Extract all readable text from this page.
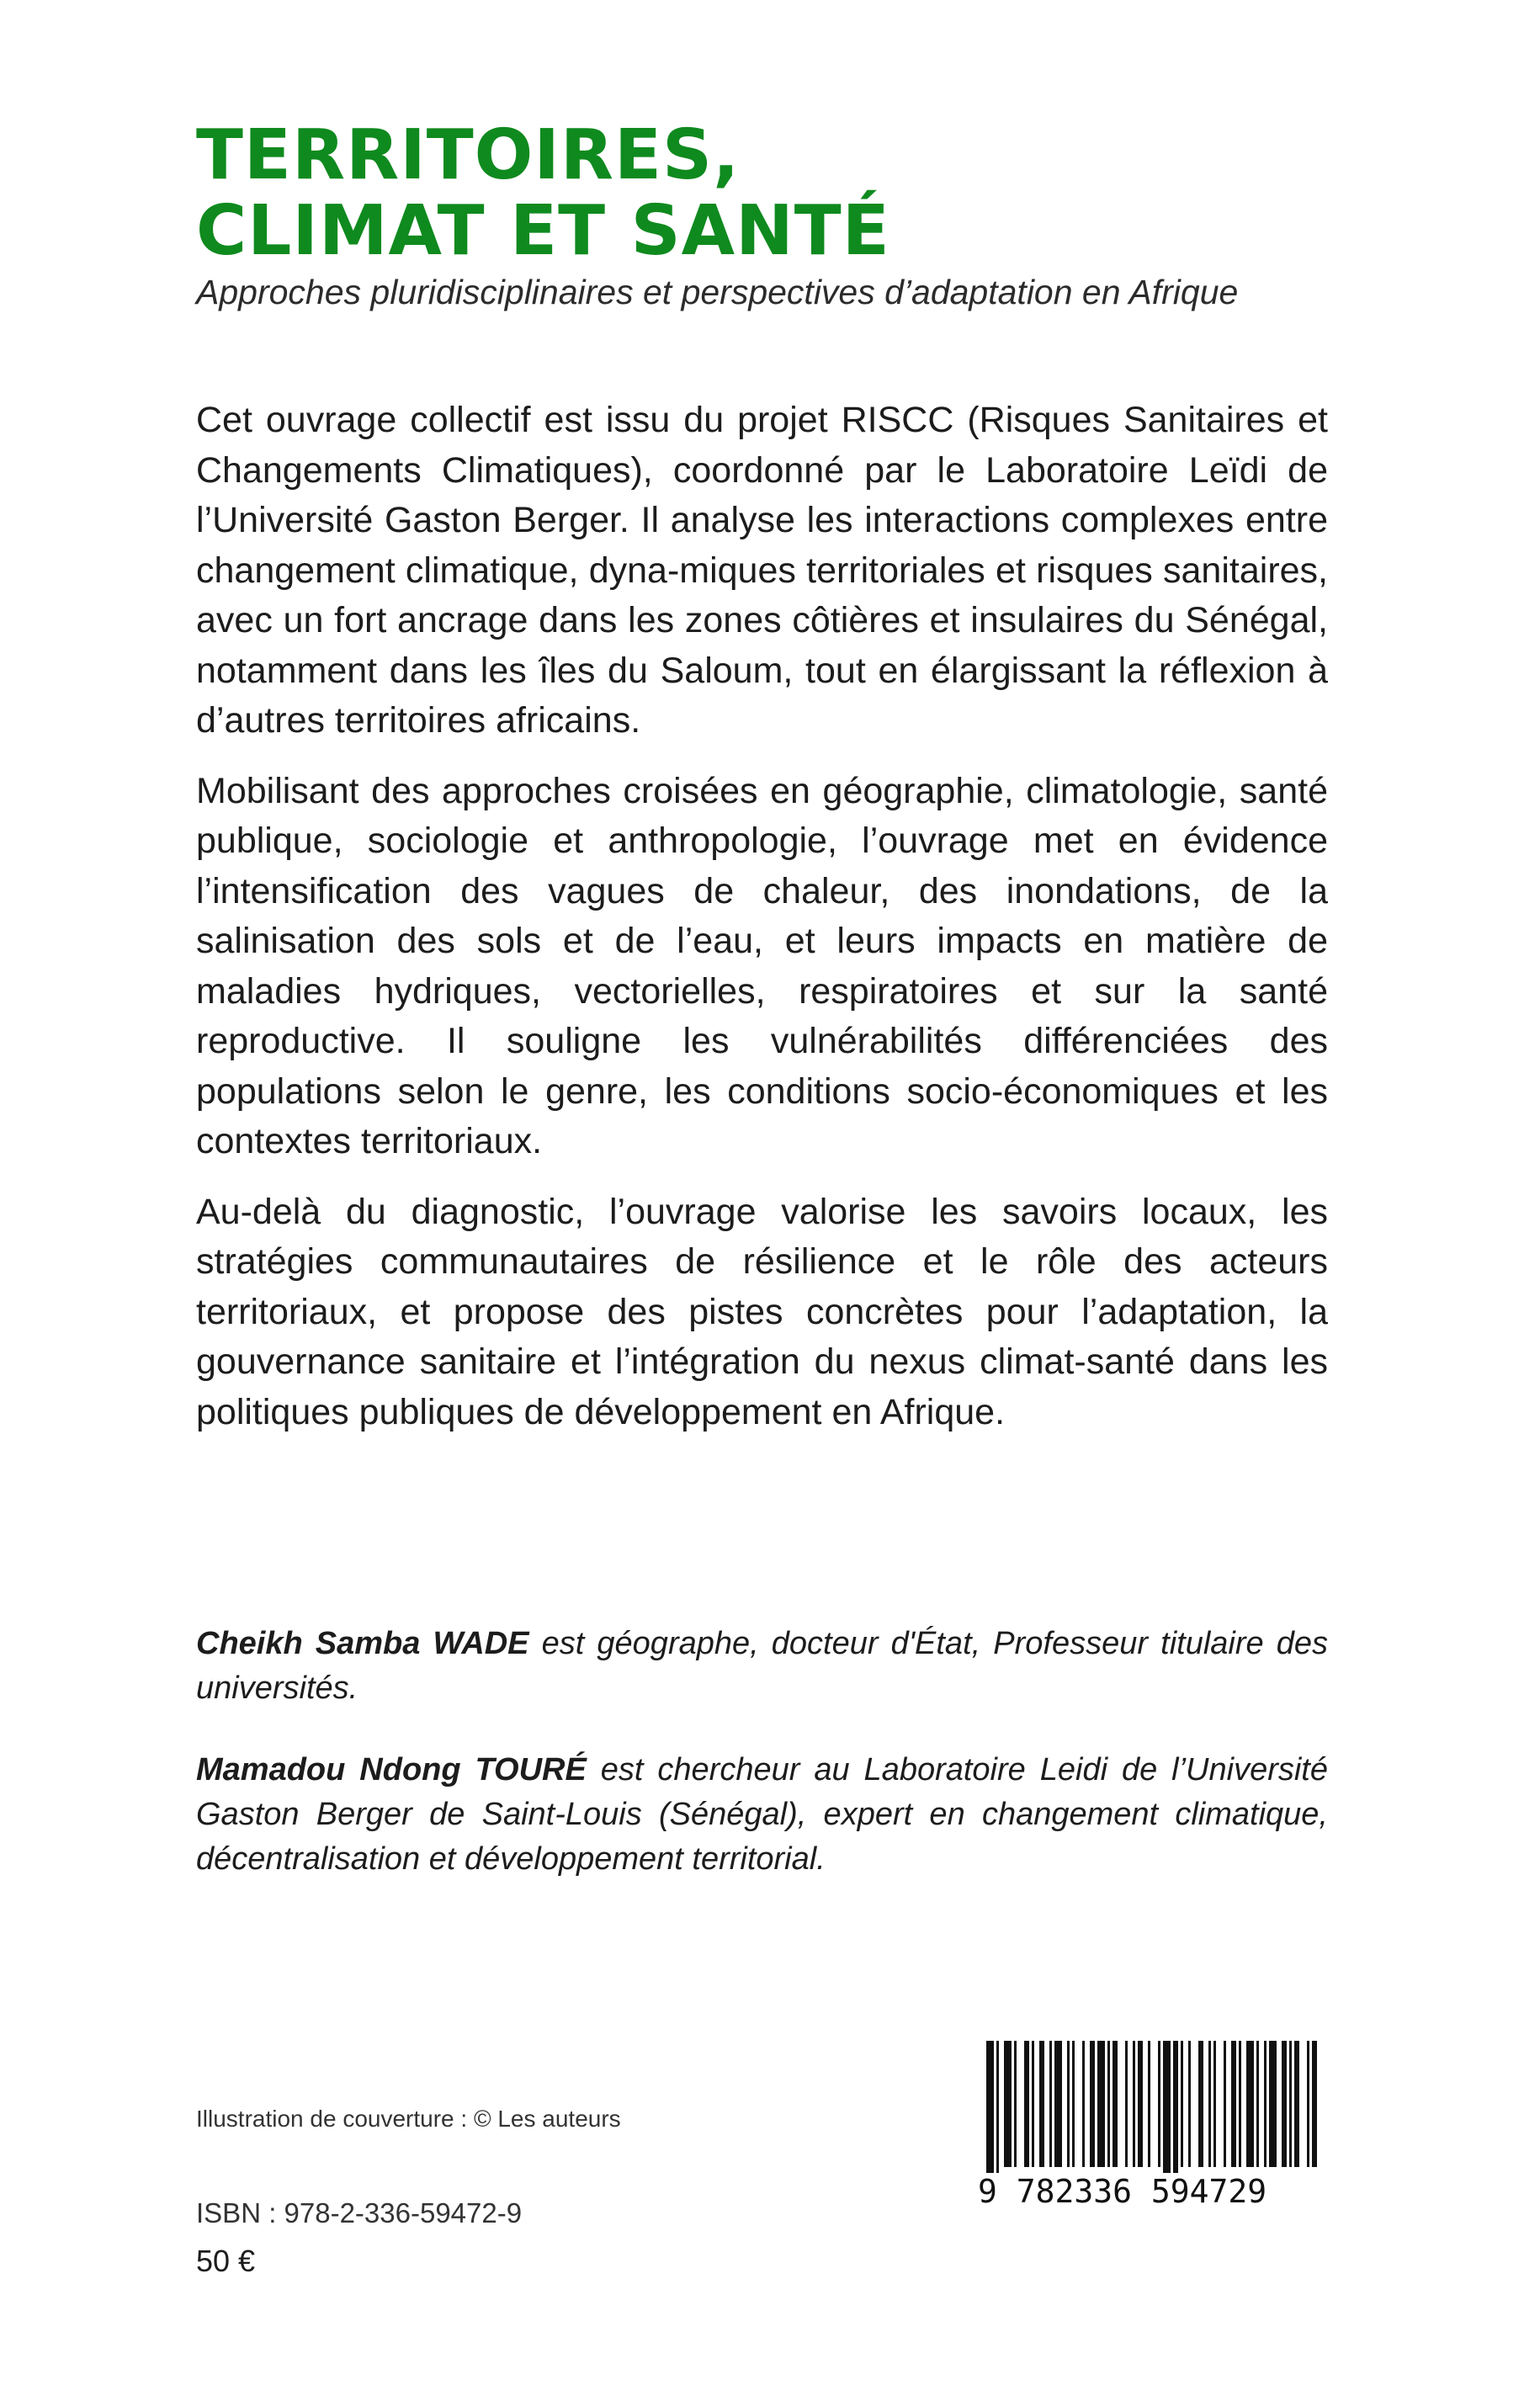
TERRITOIRES,
CLIMAT ET SANTÉ

Approches pluridisciplinaires et perspectives d’adaptation en Afrique

Cet ouvrage collectif est issu du projet RISCC (Risques Sanitaires et Changements Climatiques), coordonné par le Laboratoire Leïdi de l’Université Gaston Berger. Il analyse les interactions complexes entre changement climatique, dyna-miques territoriales et risques sanitaires, avec un fort ancrage dans les zones côtières et insulaires du Sénégal, notamment dans les îles du Saloum, tout en élargissant la réflexion à d’autres territoires africains.

Mobilisant des approches croisées en géographie, climatologie, santé publique, sociologie et anthropologie, l’ouvrage met en évidence l’intensification des vagues de chaleur, des inondations, de la salinisation des sols et de l’eau, et leurs impacts en matière de maladies hydriques, vectorielles, respiratoires et sur la santé reproductive. Il souligne les vulnérabilités différenciées des populations selon le genre, les conditions socio-économiques et les contextes territoriaux.

Au-delà du diagnostic, l’ouvrage valorise les savoirs locaux, les stratégies communautaires de résilience et le rôle des acteurs territoriaux, et propose des pistes concrètes pour l’adaptation, la gouvernance sanitaire et l’intégration du nexus climat-santé dans les politiques publiques de développement en Afrique.

Cheikh Samba WADE est géographe, docteur d'État, Professeur titulaire des universités.

Mamadou Ndong TOURÉ est chercheur au Laboratoire Leidi de l’Université Gaston Berger de Saint-Louis (Sénégal), expert en changement climatique, décentralisation et développement territorial.

Illustration de couverture : © Les auteurs
ISBN : 978-2-336-59472-9
50 €
9 782336 594729
